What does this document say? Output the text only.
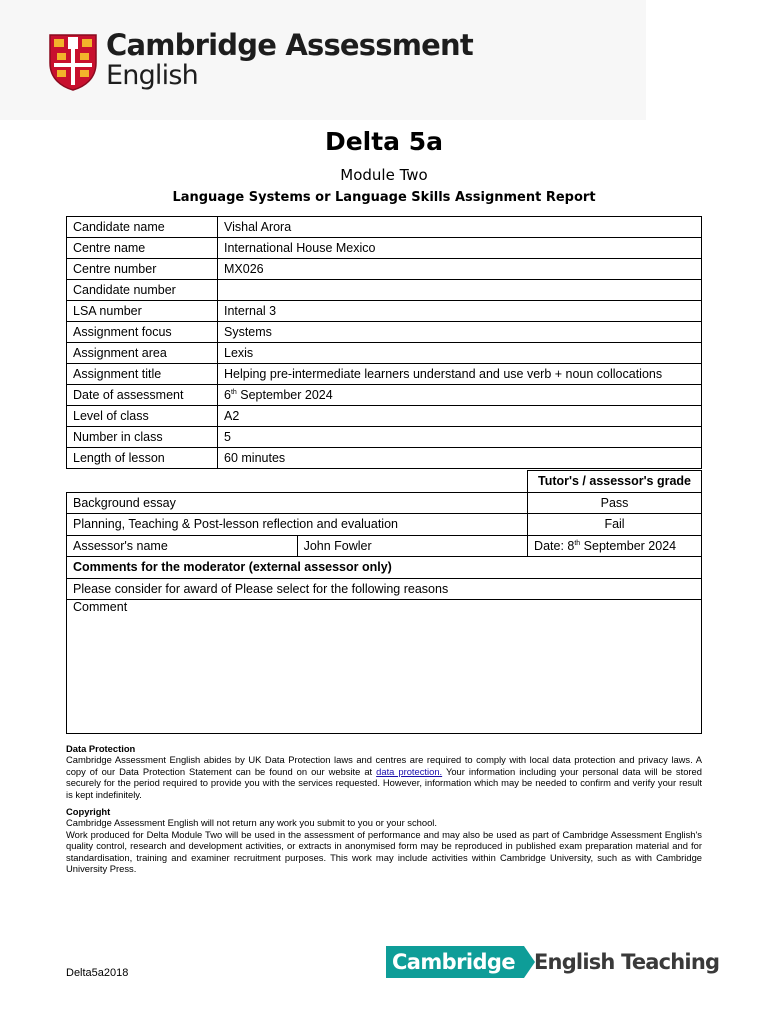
Cambridge Assessment
English
Delta 5a
Module Two
Language Systems or Language Skills Assignment Report
Candidate name	Vishal Arora
Centre name	International House Mexico
Centre number	MX026
Candidate number	
LSA number	Internal 3
Assignment focus	Systems
Assignment area	Lexis
Assignment title	Helping pre-intermediate learners understand and use verb + noun collocations
Date of assessment	6th September 2024
Level of class	A2
Number in class	5
Length of lesson	60 minutes
		Tutor's / assessor's grade
Background essay		Pass
Planning, Teaching & Post-lesson reflection and evaluation		Fail
Assessor's name	John Fowler	Date: 8th September 2024
Comments for the moderator (external assessor only)		
Please consider for award of Please select for the following reasons		
Comment		
Data Protection
Cambridge Assessment English abides by UK Data Protection laws and centres are required to comply with local data protection and privacy laws. A copy of our Data Protection Statement can be found on our website at data protection. Your information including your personal data will be stored securely for the period required to provide you with the services requested. However, information which may be needed to confirm and verify your result is kept indefinitely.
Copyright
Cambridge Assessment English will not return any work you submit to you or your school.
Work produced for Delta Module Two will be used in the assessment of performance and may also be used as part of Cambridge Assessment English's quality control, research and development activities, or extracts in anonymised form may be reproduced in published exam preparation material and for standardisation, training and examiner recruitment purposes. This work may include activities within Cambridge University, such as with Cambridge University Press.
Delta5a2018	Cambridge English Teaching
